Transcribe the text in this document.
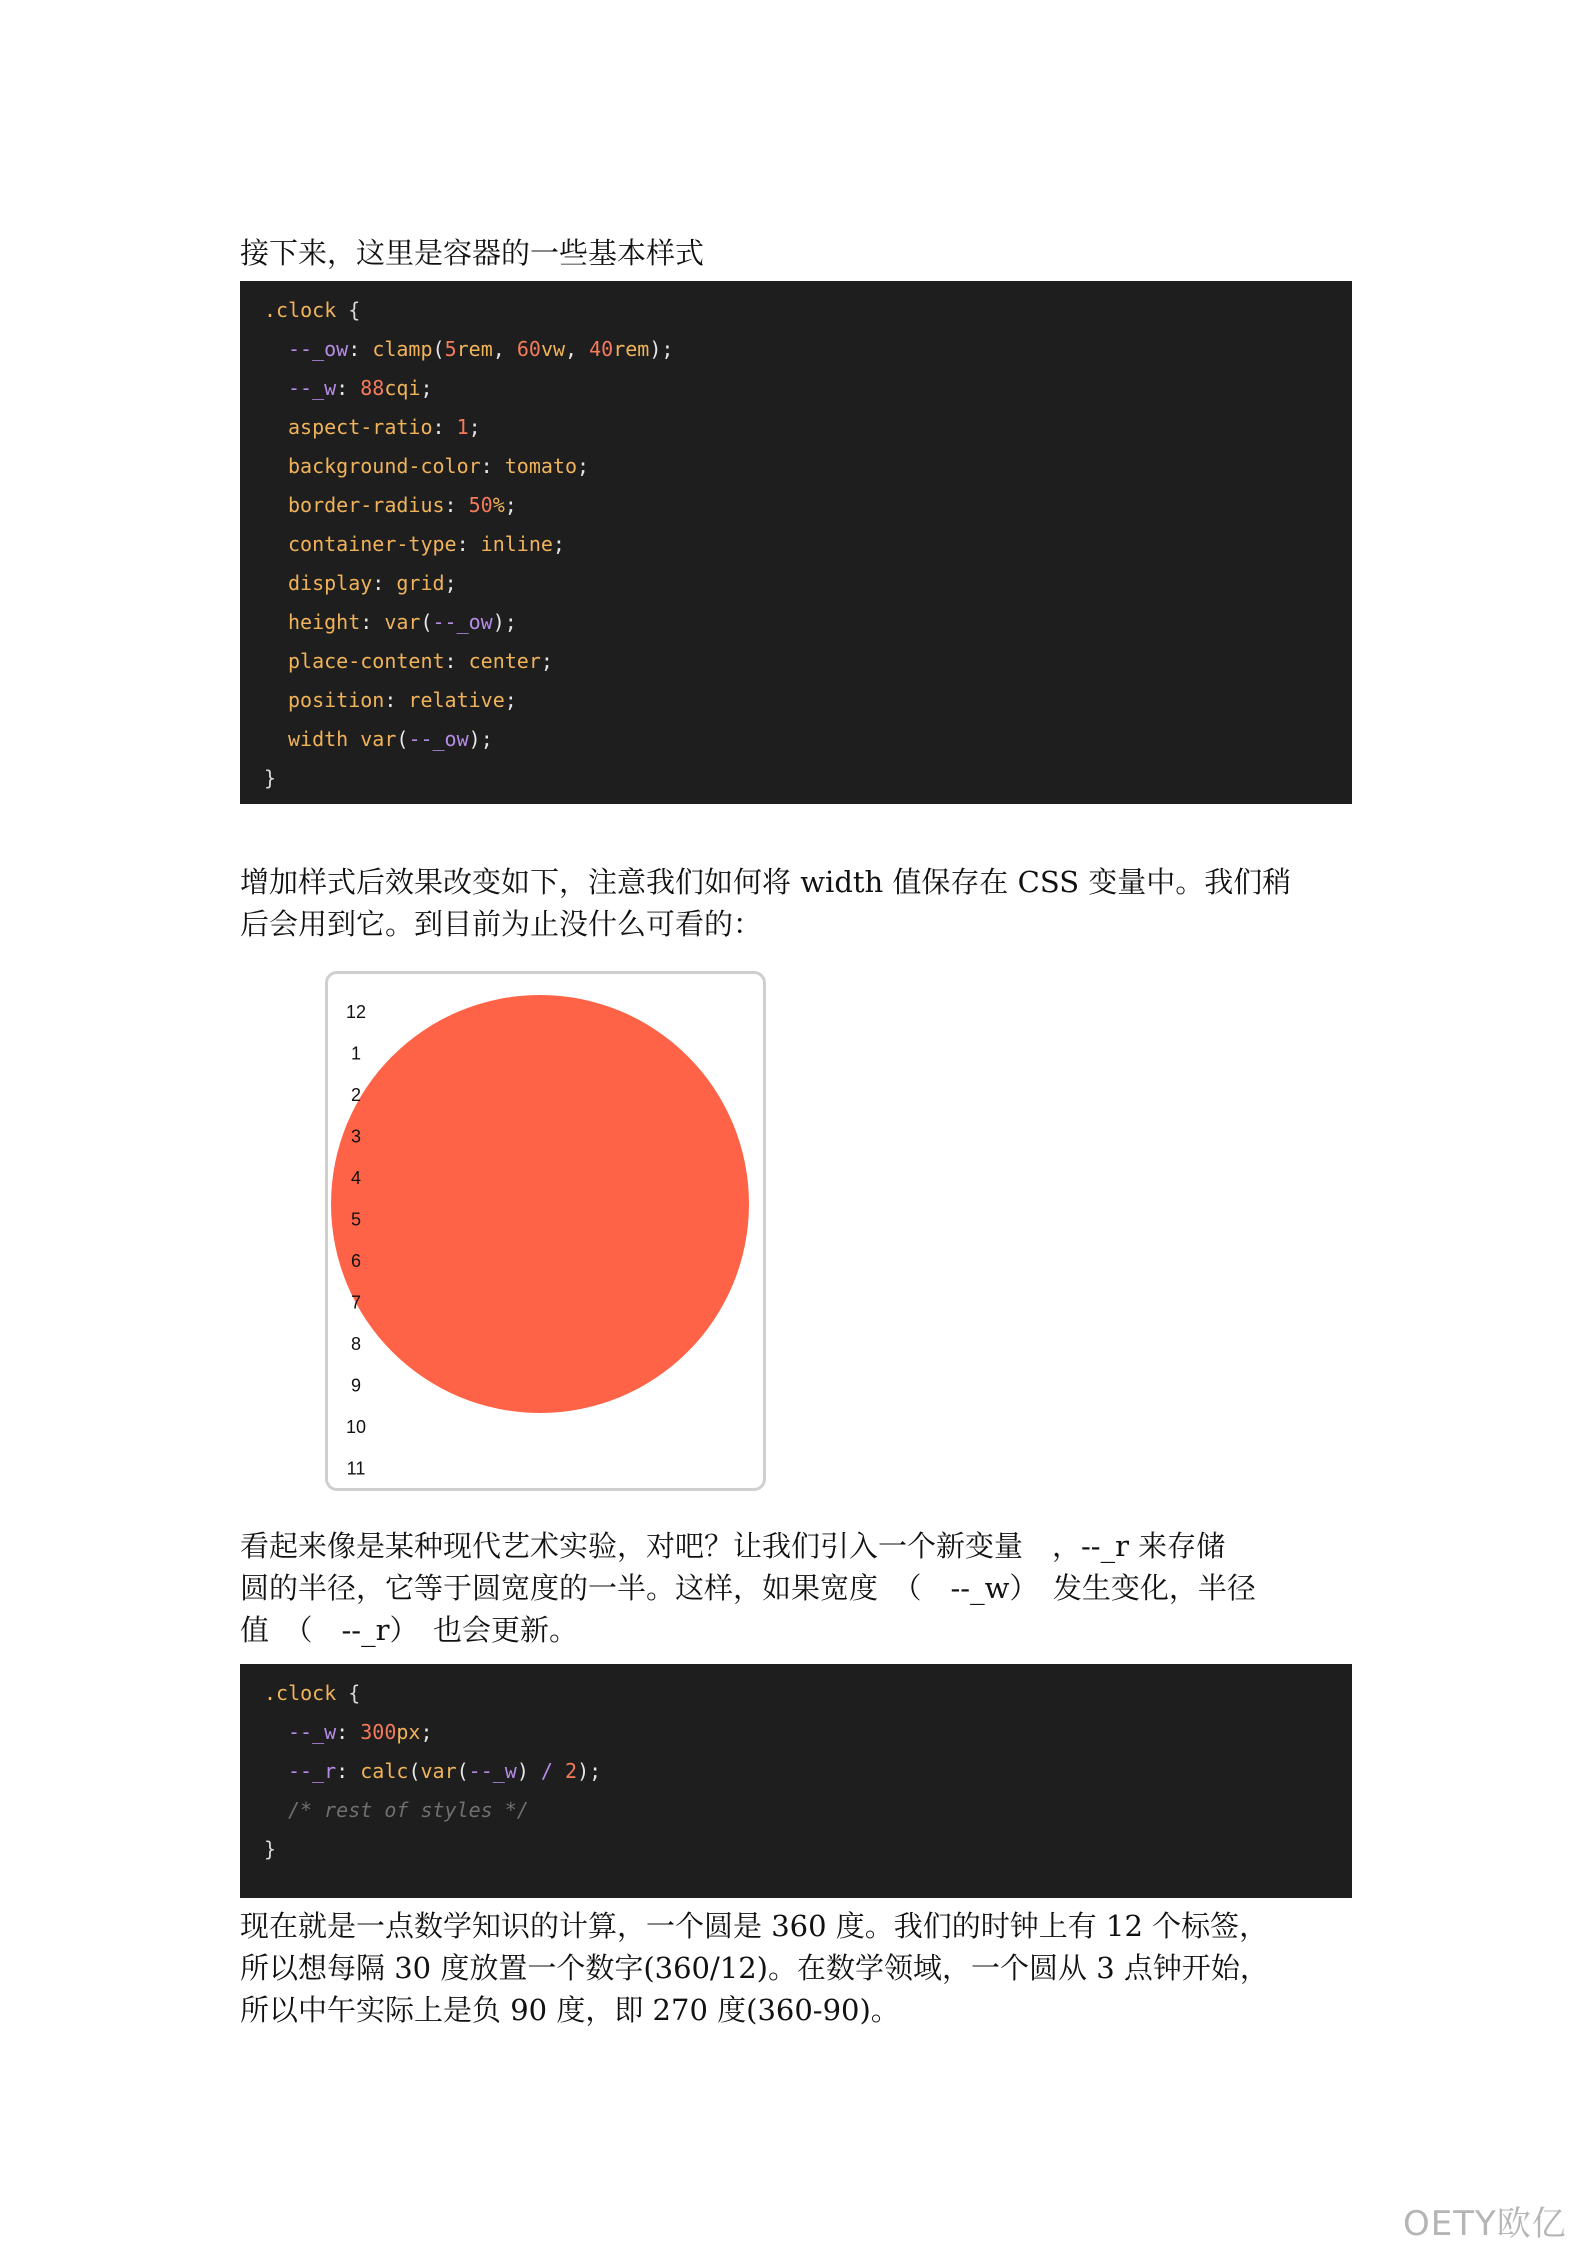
接下来，这里是容器的一些基本样式

.clock {
--_ow: clamp(5rem, 60vw, 40rem);
--_w: 88cqi;
aspect-ratio: 1;
background-color: tomato;
border-radius: 50%;
container-type: inline;
display: grid;
height: var(--_ow);
place-content: center;
position: relative;
width var(--_ow);
}
增加样式后效果改变如下，注意我们如何将 width 值保存在 CSS 变量中。我们稍
后会用到它。到目前为止没什么可看的：
12
1
2
3
4
5
6
7
8
9
10
11
看起来像是某种现代艺术实验，对吧？让我们引入一个新变量　，--_r 来存储
圆的半径，它等于圆宽度的一半。这样，如果宽度　（　--_w）　发生变化，半径
值　（　--_r）　也会更新。
.clock {
--_w: 300px;
--_r: calc(var(--_w) / 2);
/* rest of styles */
}
现在就是一点数学知识的计算，一个圆是 360 度。我们的时钟上有 12 个标签，
所以想每隔 30 度放置一个数字(360/12)。在数学领域，一个圆从 3 点钟开始，
所以中午实际上是负 90 度，即 270 度(360-90)。
OETY欧亿
